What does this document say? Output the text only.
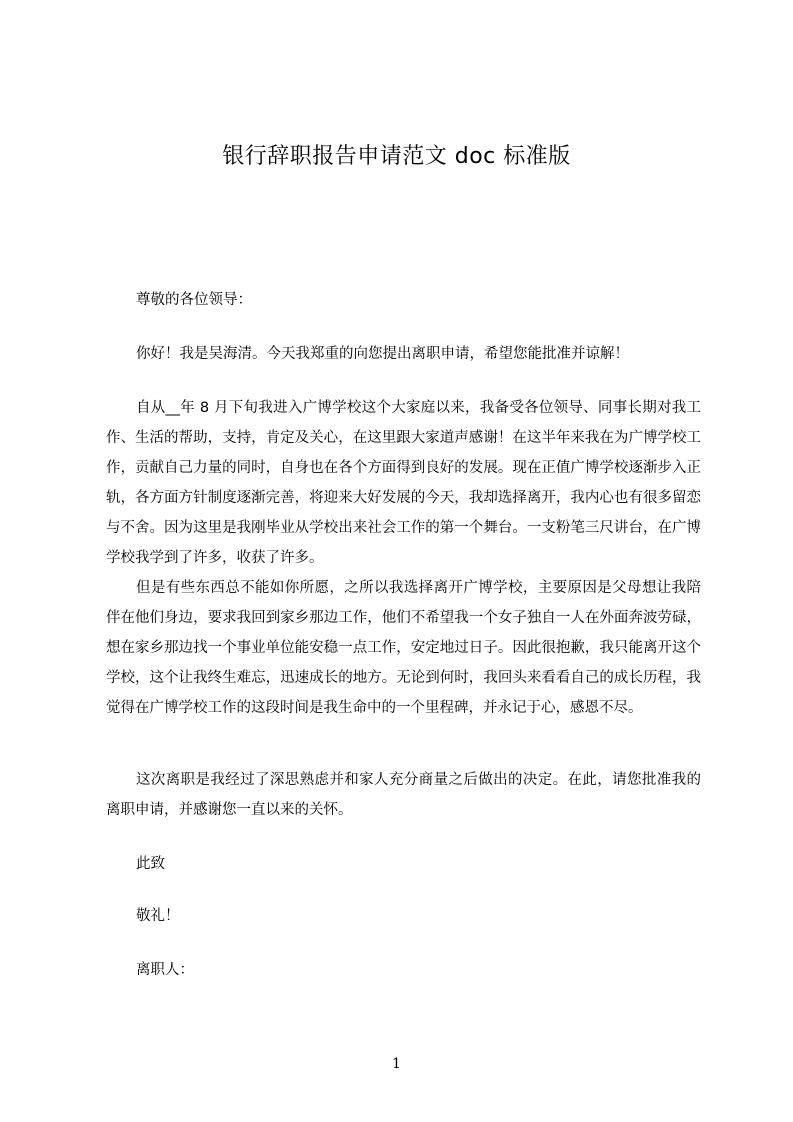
银行辞职报告申请范文 doc 标准版

尊敬的各位领导：

你好！我是吴海清。今天我郑重的向您提出离职申请，希望您能批准并谅解！

自从__年 8 月下旬我进入广博学校这个大家庭以来，我备受各位领导、同事长期对我工作、生活的帮助，支持，肯定及关心，在这里跟大家道声感谢！在这半年来我在为广博学校工作，贡献自己力量的同时，自身也在各个方面得到良好的发展。现在正值广博学校逐渐步入正轨，各方面方针制度逐渐完善，将迎来大好发展的今天，我却选择离开，我内心也有很多留恋与不舍。因为这里是我刚毕业从学校出来社会工作的第一个舞台。一支粉笔三尺讲台，在广博学校我学到了许多，收获了许多。

但是有些东西总不能如你所愿，之所以我选择离开广博学校，主要原因是父母想让我陪伴在他们身边，要求我回到家乡那边工作，他们不希望我一个女子独自一人在外面奔波劳碌，想在家乡那边找一个事业单位能安稳一点工作，安定地过日子。因此很抱歉，我只能离开这个学校，这个让我终生难忘，迅速成长的地方。无论到何时，我回头来看看自己的成长历程，我觉得在广博学校工作的这段时间是我生命中的一个里程碑，并永记于心，感恩不尽。

这次离职是我经过了深思熟虑并和家人充分商量之后做出的决定。在此，请您批准我的离职申请，并感谢您一直以来的关怀。

此致

敬礼！

离职人：

1
